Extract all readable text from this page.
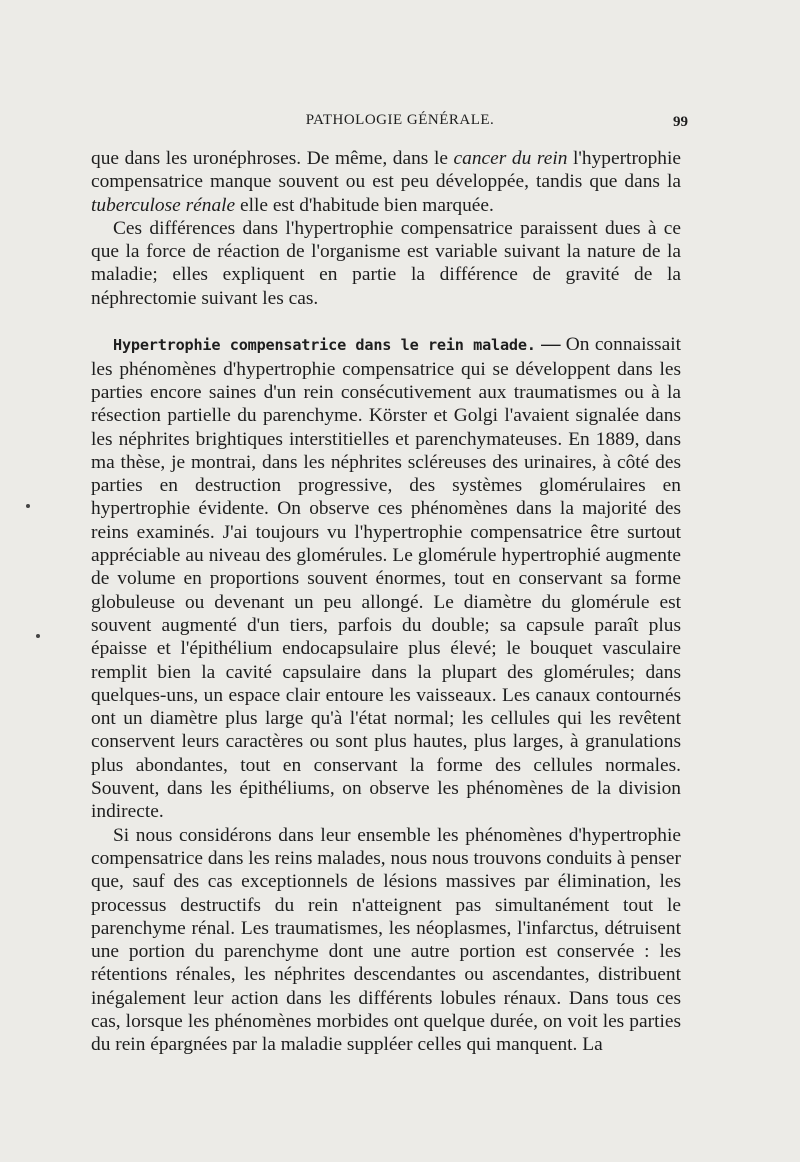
PATHOLOGIE GÉNÉRALE.	99

que dans les uronéphroses. De même, dans le cancer du rein l'hypertrophie compensatrice manque souvent ou est peu développée, tandis que dans la tuberculose rénale elle est d'habitude bien marquée.

Ces différences dans l'hypertrophie compensatrice paraissent dues à ce que la force de réaction de l'organisme est variable suivant la nature de la maladie; elles expliquent en partie la différence de gravité de la néphrectomie suivant les cas.

Hypertrophie compensatrice dans le rein malade. — On connaissait les phénomènes d'hypertrophie compensatrice qui se développent dans les parties encore saines d'un rein consécutivement aux traumatismes ou à la résection partielle du parenchyme. Körster et Golgi l'avaient signalée dans les néphrites brightiques interstitielles et parenchymateuses. En 1889, dans ma thèse, je montrai, dans les néphrites scléreuses des urinaires, à côté des parties en destruction progressive, des systèmes glomérulaires en hypertrophie évidente. On observe ces phénomènes dans la majorité des reins examinés. J'ai toujours vu l'hypertrophie compensatrice être surtout appréciable au niveau des glomérules. Le glomérule hypertrophié augmente de volume en proportions souvent énormes, tout en conservant sa forme globuleuse ou devenant un peu allongé. Le diamètre du glomérule est souvent augmenté d'un tiers, parfois du double; sa capsule paraît plus épaisse et l'épithélium endocapsulaire plus élevé; le bouquet vasculaire remplit bien la cavité capsulaire dans la plupart des glomérules; dans quelques-uns, un espace clair entoure les vaisseaux. Les canaux contournés ont un diamètre plus large qu'à l'état normal; les cellules qui les revêtent conservent leurs caractères ou sont plus hautes, plus larges, à granulations plus abondantes, tout en conservant la forme des cellules normales. Souvent, dans les épithéliums, on observe les phénomènes de la division indirecte.

Si nous considérons dans leur ensemble les phénomènes d'hypertrophie compensatrice dans les reins malades, nous nous trouvons conduits à penser que, sauf des cas exceptionnels de lésions massives par élimination, les processus destructifs du rein n'atteignent pas simultanément tout le parenchyme rénal. Les traumatismes, les néoplasmes, l'infarctus, détruisent une portion du parenchyme dont une autre portion est conservée : les rétentions rénales, les néphrites descendantes ou ascendantes, distribuent inégalement leur action dans les différents lobules rénaux. Dans tous ces cas, lorsque les phénomènes morbides ont quelque durée, on voit les parties du rein épargnées par la maladie suppléer celles qui manquent. La
